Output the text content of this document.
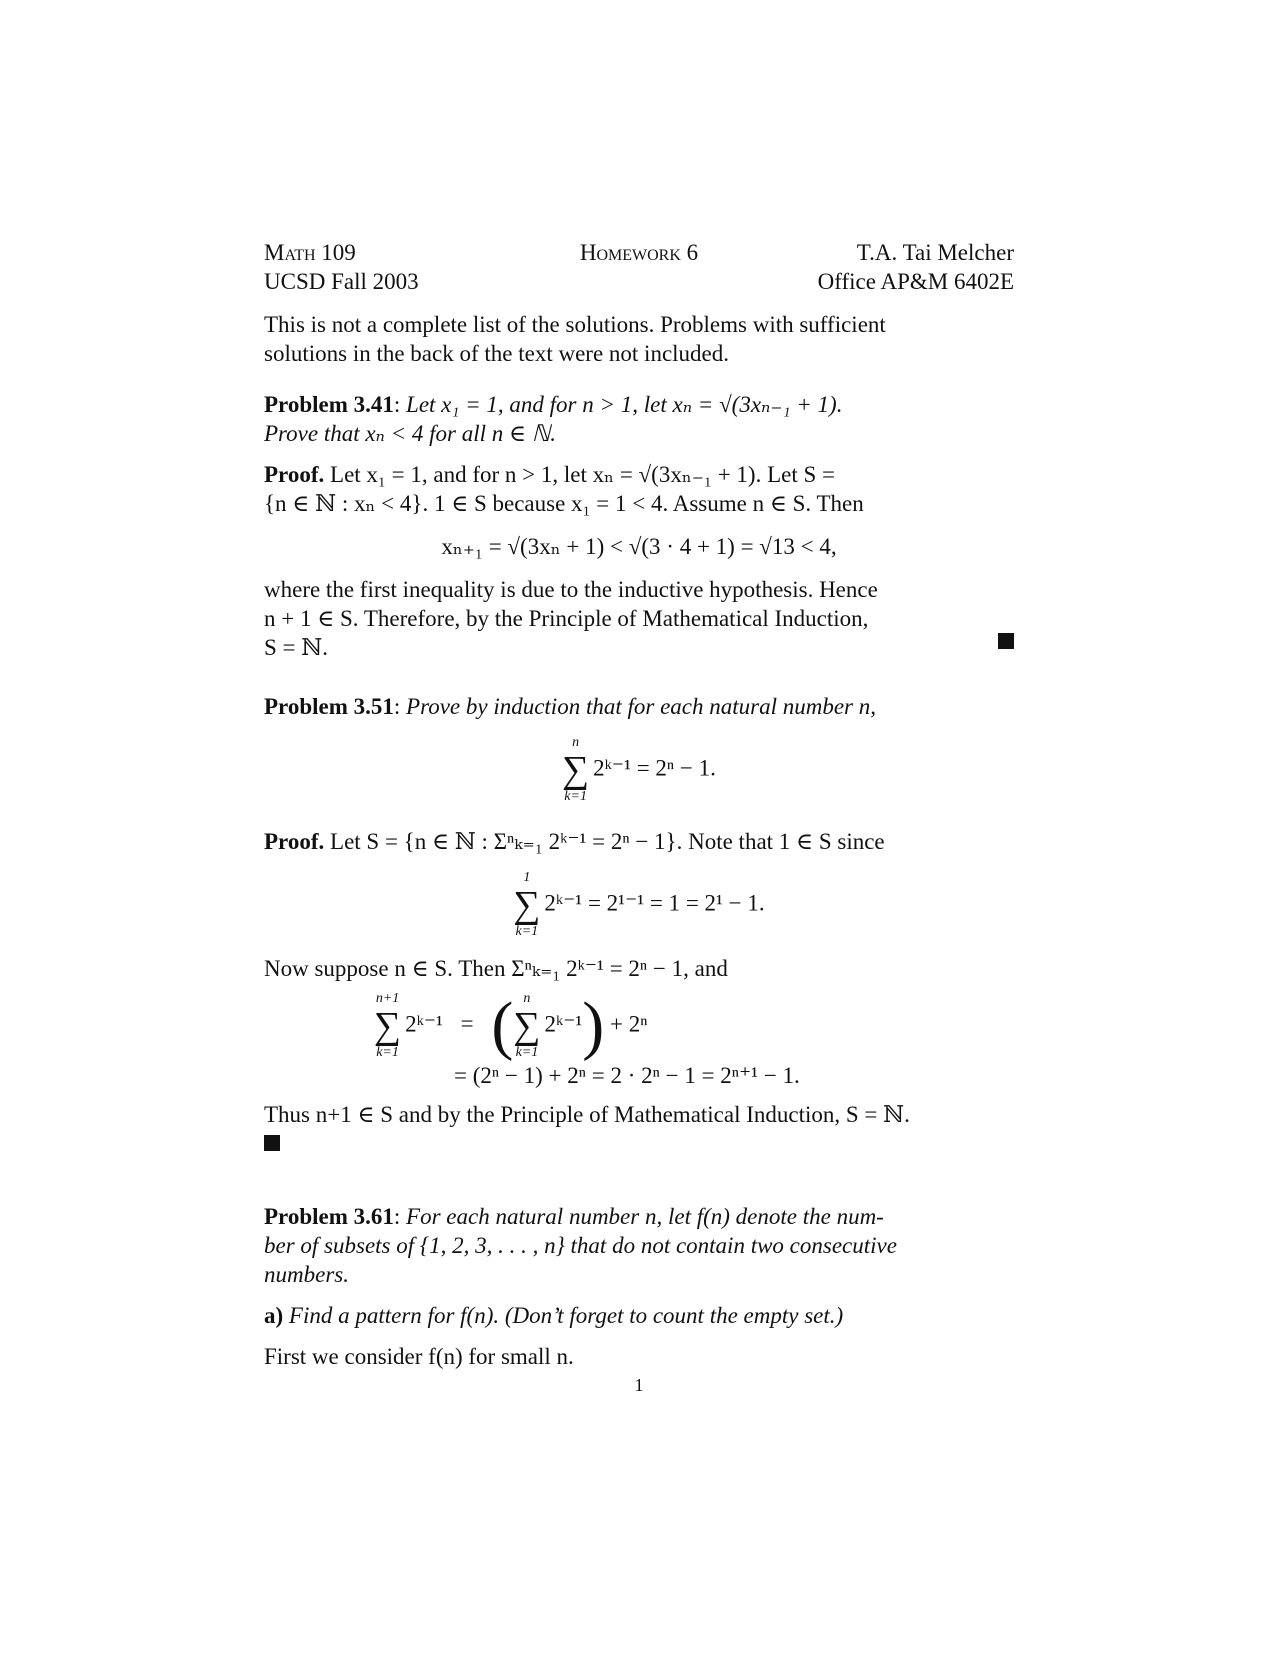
Math 109
UCSD Fall 2003
Homework 6	T.A. Tai Melcher
Office AP&M 6402E
This is not a complete list of the solutions. Problems with sufficient
solutions in the back of the text were not included.
Problem 3.41: Let x₁ = 1, and for n > 1, let xₙ = √(3xₙ₋₁ + 1).
Prove that xₙ < 4 for all n ∈ ℕ.
Proof. Let x₁ = 1, and for n > 1, let xₙ = √(3xₙ₋₁ + 1). Let S =
{n ∈ ℕ : xₙ < 4}. 1 ∈ S because x₁ = 1 < 4. Assume n ∈ S. Then
xₙ₊₁ = √(3xₙ + 1) < √(3 · 4 + 1) = √13 < 4,
where the first inequality is due to the inductive hypothesis. Hence
n + 1 ∈ S. Therefore, by the Principle of Mathematical Induction,
S = ℕ.
Problem 3.51: Prove by induction that for each natural number n,
n
∑
k=1
2ᵏ⁻¹ = 2ⁿ − 1.
Proof. Let S = {n ∈ ℕ : Σⁿₖ₌₁ 2ᵏ⁻¹ = 2ⁿ − 1}. Note that 1 ∈ S since
1
∑
k=1
2ᵏ⁻¹ = 2¹⁻¹ = 1 = 2¹ − 1.
Now suppose n ∈ S. Then Σⁿₖ₌₁ 2ᵏ⁻¹ = 2ⁿ − 1, and
n+1
∑
k=1
2ᵏ⁻¹ = ( n
∑
k=1
2ᵏ⁻¹) + 2ⁿ
= (2ⁿ − 1) + 2ⁿ = 2 · 2ⁿ − 1 = 2ⁿ⁺¹ − 1.
Thus n+1 ∈ S and by the Principle of Mathematical Induction, S = ℕ.
Problem 3.61: For each natural number n, let f(n) denote the num-
ber of subsets of {1, 2, 3, . . . , n} that do not contain two consecutive
numbers.
a) Find a pattern for f(n). (Don’t forget to count the empty set.)
First we consider f(n) for small n.
1
